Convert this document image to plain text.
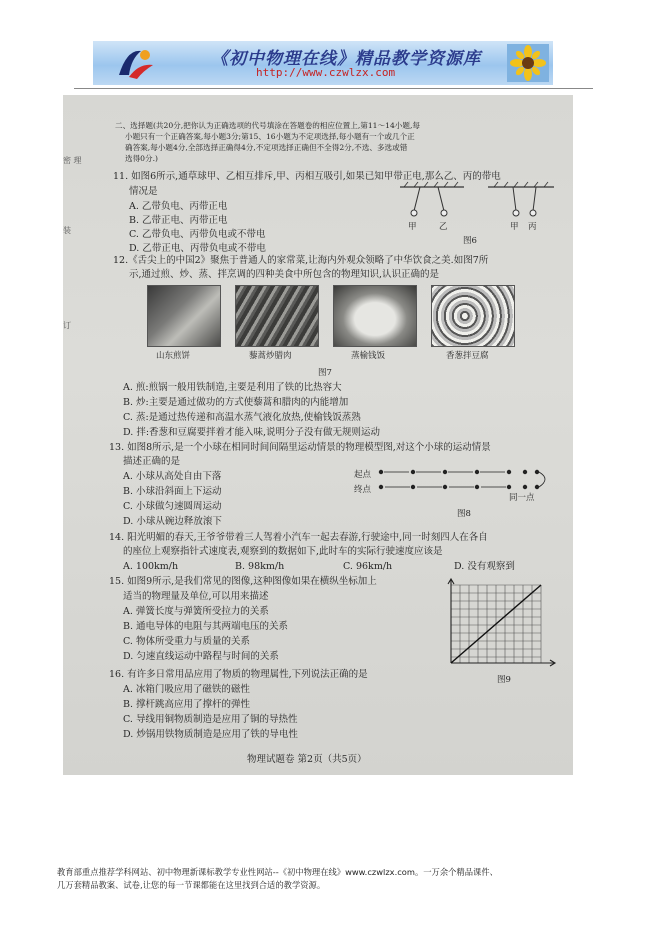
《初中物理在线》精品教学资源库
http://www.czwlzx.com
密 理
装
订
二、选择题(共20分,把你认为正确选项的代号填涂在答题卷的相应位置上,第11～14小题,每
小题只有一个正确答案,每小题3分;第15、16小题为不定项选择,每小题有一个或几个正
确答案,每小题4分,全部选择正确得4分,不定项选择正确但不全得2分,不选、多选或错
选得0分.)
11. 如图6所示,通草球甲、乙相互排斥,甲、丙相互吸引,如果已知甲带正电,那么乙、丙的带电
情况是
A. 乙带负电、丙带正电
B. 乙带正电、丙带正电
C. 乙带负电、丙带负电或不带电
D. 乙带正电、丙带负电或不带电
甲	乙	甲 丙
图6
12.《舌尖上的中国2》聚焦于普通人的家常菜,让海内外观众领略了中华饮食之美.如图7所
示,通过煎、炒、蒸、拌烹调的四种美食中所包含的物理知识,认识正确的是
山东煎饼	藜蒿炒腊肉	蒸榆钱饭	香葱拌豆腐
图7
A. 煎:煎锅一般用铁制造,主要是利用了铁的比热容大
B. 炒:主要是通过做功的方式使藜蒿和腊肉的内能增加
C. 蒸:是通过热传递和高温水蒸气液化放热,使榆钱饭蒸熟
D. 拌:香葱和豆腐要拌着才能入味,说明分子没有做无规则运动
13. 如图8所示,是一个小球在相同时间间隔里运动情景的物理模型图,对这个小球的运动情景
描述正确的是
A. 小球从高处自由下落
B. 小球沿斜面上下运动
C. 小球做匀速圆周运动
D. 小球从碗边释放滚下
起点
终点
同一点
图8
14. 阳光明媚的春天,王爷爷带着三人驾着小汽车一起去春游,行驶途中,同一时刻四人在各自
的座位上观察指针式速度表,观察到的数据如下,此时车的实际行驶速度应该是
A. 100km/h	B. 98km/h	C. 96km/h	D. 没有观察到
15. 如图9所示,是我们常见的图像,这种图像如果在横纵坐标加上
适当的物理量及单位,可以用来描述
A. 弹簧长度与弹簧所受拉力的关系
B. 通电导体的电阻与其两端电压的关系
C. 物体所受重力与质量的关系
D. 匀速直线运动中路程与时间的关系
图9
16. 有许多日常用品应用了物质的物理属性,下列说法正确的是
A. 冰箱门吸应用了磁铁的磁性
B. 撑杆跳高应用了撑杆的弹性
C. 导线用铜物质制造是应用了铜的导热性
D. 炒锅用铁物质制造是应用了铁的导电性
物理试题卷 第2页（共5页）
教育部重点推荐学科网站、初中物理新课标教学专业性网站--《初中物理在线》www.czwlzx.com。一万余个精品课件、
几万套精品教案、试卷,让您的每一节课都能在这里找到合适的教学资源。
